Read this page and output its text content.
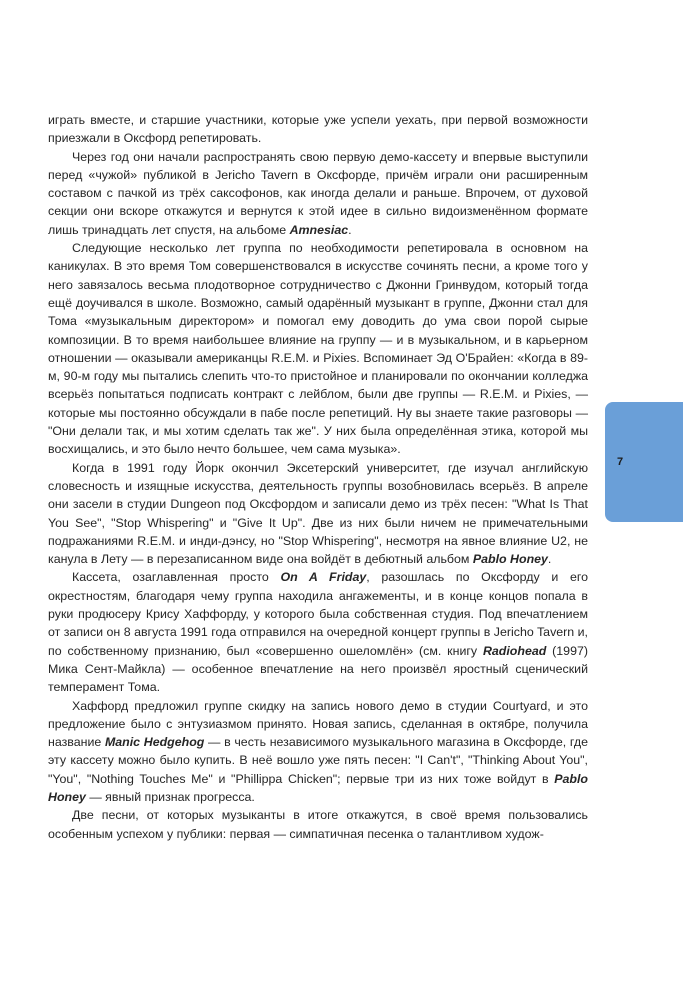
играть вместе, и старшие участники, которые уже успели уехать, при первой возможности приезжали в Оксфорд репетировать.

Через год они начали распространять свою первую демо-кассету и впервые выступили перед «чужой» публикой в Jericho Tavern в Оксфорде, причём играли они расширенным составом с пачкой из трёх саксофонов, как иногда делали и раньше. Впрочем, от духовой секции они вскоре откажутся и вернутся к этой идее в сильно видоизменённом формате лишь тринадцать лет спустя, на альбоме Amnesiac.

Следующие несколько лет группа по необходимости репетировала в основном на каникулах. В это время Том совершенствовался в искусстве сочинять песни, а кроме того у него завязалось весьма плодотворное сотрудничество с Джонни Гринвудом, который тогда ещё доучивался в школе. Возможно, самый одарённый музыкант в группе, Джонни стал для Тома «музыкальным директором» и помогал ему доводить до ума свои порой сырые композиции. В то время наибольшее влияние на группу — и в музыкальном, и в карьерном отношении — оказывали американцы R.E.M. и Pixies. Вспоминает Эд О'Брайен: «Когда в 89-м, 90-м году мы пытались слепить что-то пристойное и планировали по окончании колледжа всерьёз попытаться подписать контракт с лейблом, были две группы — R.E.M. и Pixies, — которые мы постоянно обсуждали в пабе после репетиций. Ну вы знаете такие разговоры — "Они делали так, и мы хотим сделать так же". У них была определённая этика, которой мы восхищались, и это было нечто большее, чем сама музыка».

Когда в 1991 году Йорк окончил Эксетерский университет, где изучал английскую словесность и изящные искусства, деятельность группы возобновилась всерьёз. В апреле они засели в студии Dungeon под Оксфордом и записали демо из трёх песен: "What Is That You See", "Stop Whispering" и "Give It Up". Две из них были ничем не примечательными подражаниями R.E.M. и инди-дэнсу, но "Stop Whispering", несмотря на явное влияние U2, не канула в Лету — в перезаписанном виде она войдёт в дебютный альбом Pablo Honey.

Кассета, озаглавленная просто On A Friday, разошлась по Оксфорду и его окрестностям, благодаря чему группа находила ангажементы, и в конце концов попала в руки продюсеру Крису Хаффорду, у которого была собственная студия. Под впечатлением от записи он 8 августа 1991 года отправился на очередной концерт группы в Jericho Tavern и, по собственному признанию, был «совершенно ошеломлён» (см. книгу Radiohead (1997) Мика Сент-Майкла) — особенное впечатление на него произвёл яростный сценический темперамент Тома.

Хаффорд предложил группе скидку на запись нового демо в студии Courtyard, и это предложение было с энтузиазмом принято. Новая запись, сделанная в октябре, получила название Manic Hedgehog — в честь независимого музыкального магазина в Оксфорде, где эту кассету можно было купить. В неё вошло уже пять песен: "I Can't", "Thinking About You", "You", "Nothing Touches Me" и "Phillippa Chicken"; первые три из них тоже войдут в Pablo Honey — явный признак прогресса.

Две песни, от которых музыканты в итоге откажутся, в своё время пользовались особенным успехом у публики: первая — симпатичная песенка о талантливом худож-

7
